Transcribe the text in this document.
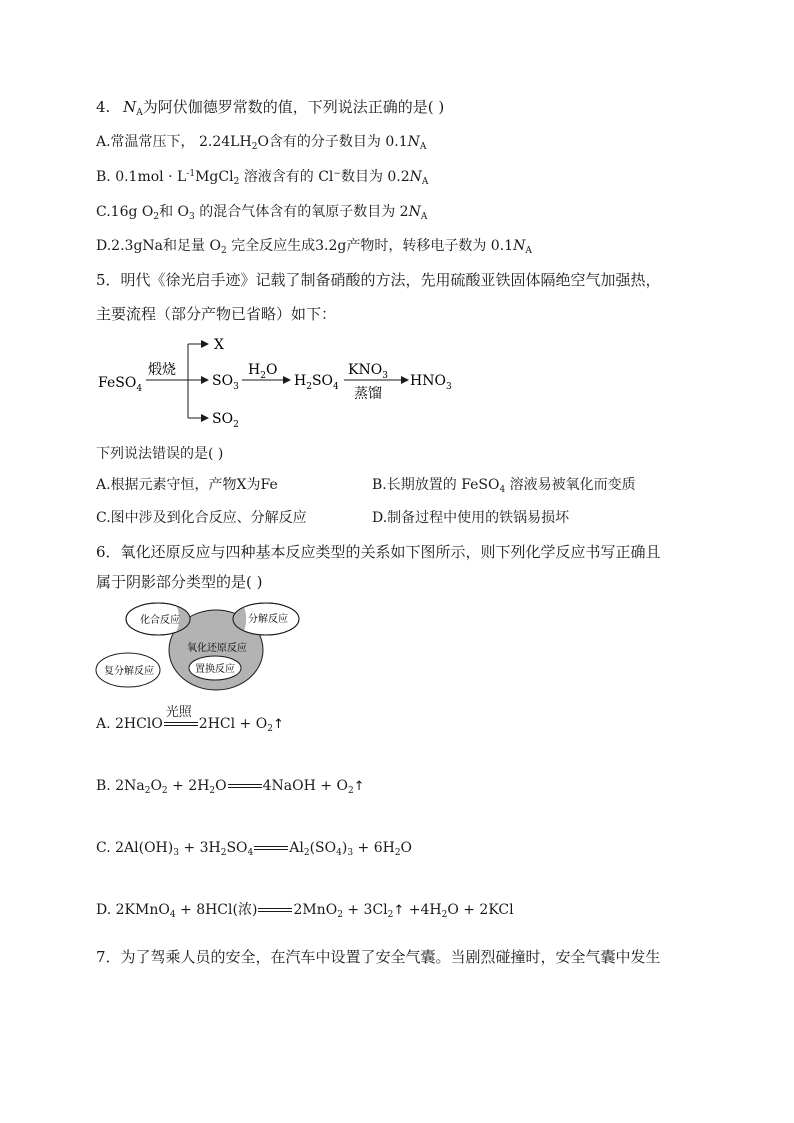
4. $N_A$为阿伏伽德罗常数的值，下列说法正确的是( )
A.常温常压下， $2.24LH_2O$含有的分子数目为 $0.1N_A$
B. $0.1mol \cdot L^{-1}MgCl_2$ 溶液含有的 Cl−数目为 $0.2N_A$
C.16g $O_2$和 $O_3$ 的混合气体含有的氧原子数目为 $2N_A$
D.2.3gNa和足量 $O_2$ 完全反应生成3.2g产物时，转移电子数为 $0.1N_A$
5．明代《徐光启手迹》记载了制备硝酸的方法，先用硫酸亚铁固体隔绝空气加强热，
主要流程（部分产物已省略）如下：
FeSO$_4$
煅烧
X
$SO_3$
$SO_2$
$H_2O$
$H_2SO_4$
$KNO_3$
蒸馏
$HNO_3$
下列说法错误的是( )
A.根据元素守恒，产物X为Fe	B.长期放置的 FeSO$_4$ 溶液易被氧化而变质
C.图中涉及到化合反应、分解反应	D.制备过程中使用的铁锅易损坏
6．氧化还原反应与四种基本反应类型的关系如下图所示，则下列化学反应书写正确且
属于阴影部分类型的是( )
化合反应	分解反应
氧化还原反应
置换反应
复分解反应
A. 2HClO
光照
$2HCl + O_2↑$
B. $2Na_2O_2 + 2H_2O$	4NaOH + $O_2↑$
C. $2Al(OH)_3 + 3H_2SO_4$	$Al_2(SO_4)_3 + 6H_2O$
D. 2KMnO$_4$ + 8HCl(浓)	$2MnO_2 + 3Cl_2↑ +4H_2O + 2KCl$
7．为了驾乘人员的安全，在汽车中设置了安全气囊。当剧烈碰撞时，安全气囊中发生
